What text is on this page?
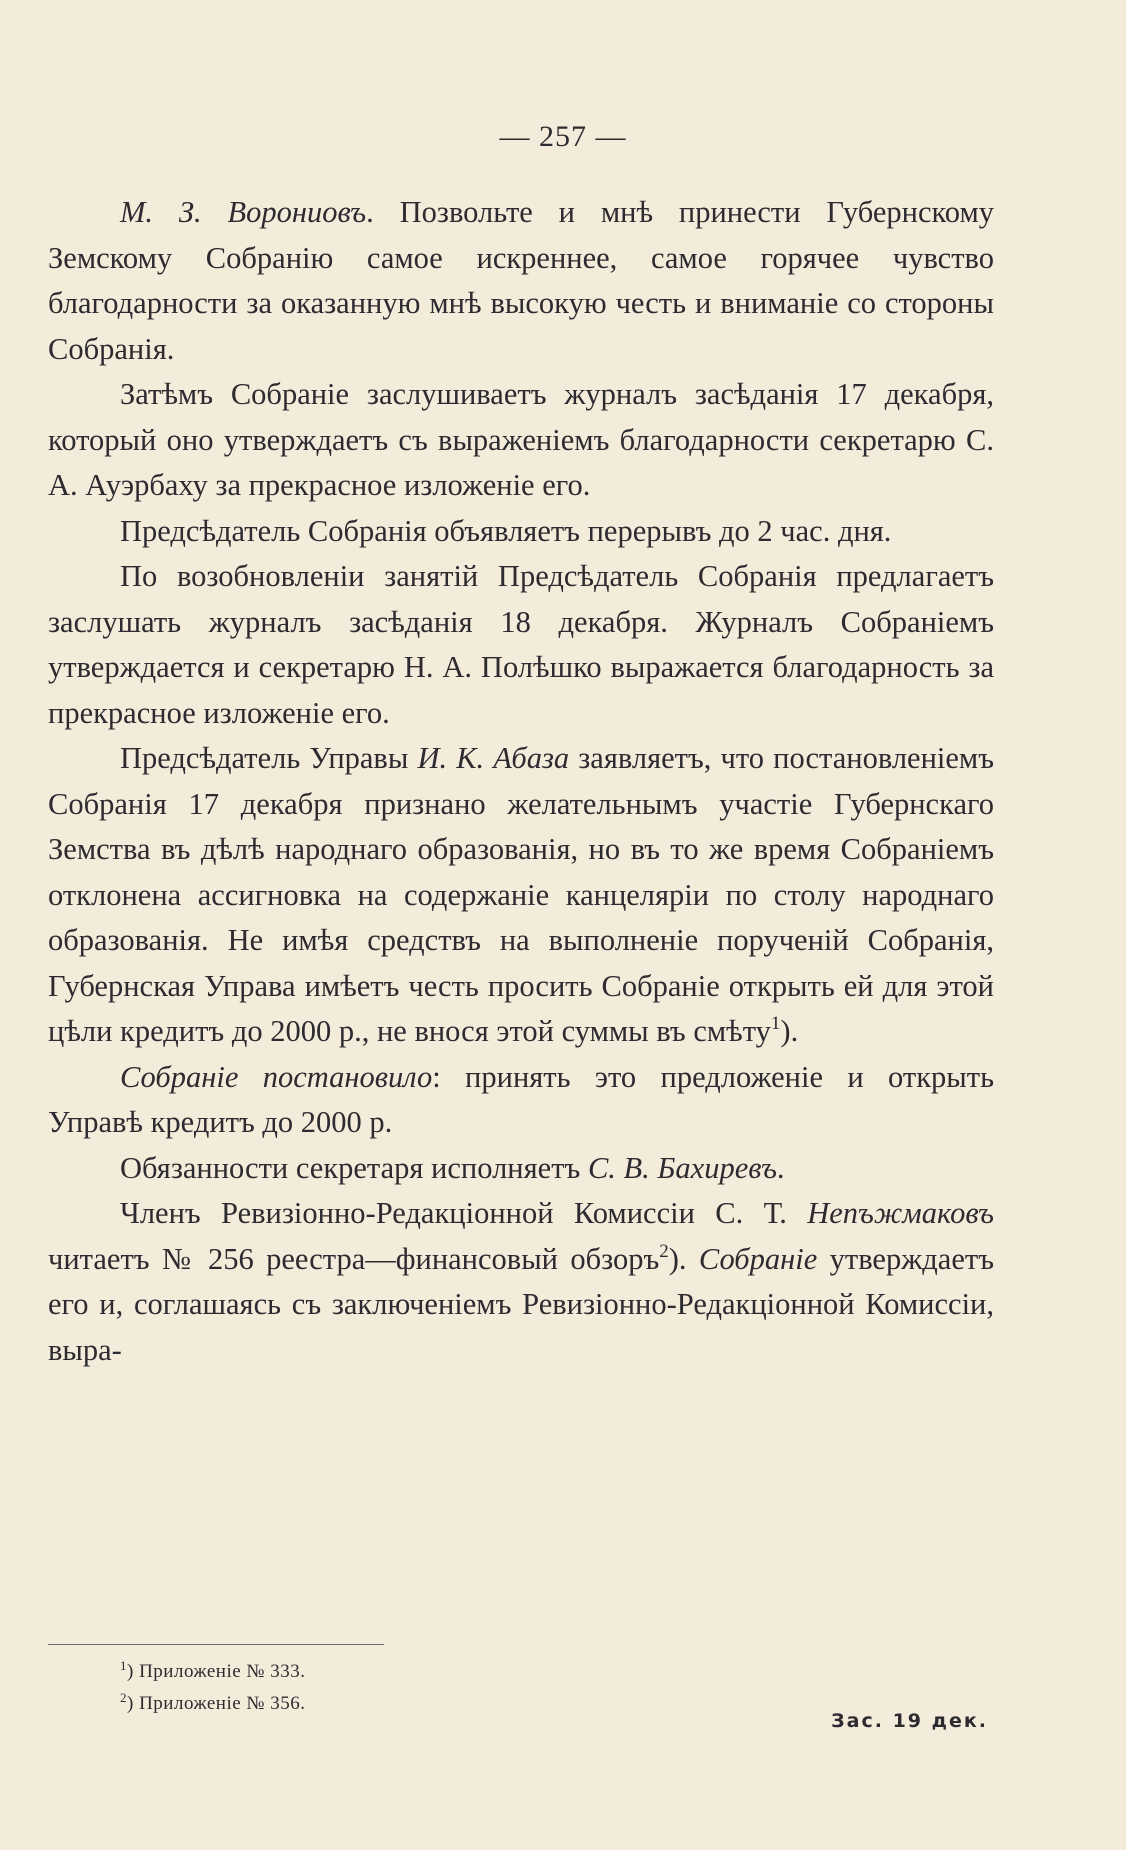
— 257 —

М. З. Ворониовъ. Позвольте и мнѣ принести Губернскому Земскому Собранію самое искреннее, самое горячее чувство благодарности за оказанную мнѣ высокую честь и вниманіе со стороны Собранія.

Затѣмъ Собраніе заслушиваетъ журналъ засѣданія 17 декабря, который оно утверждаетъ съ выраженіемъ благодарности секретарю С. А. Ауэрбаху за прекрасное изложеніе его.

Предсѣдатель Собранія объявляетъ перерывъ до 2 час. дня.

По возобновленіи занятій Предсѣдатель Собранія предлагаетъ заслушать журналъ засѣданія 18 декабря. Журналъ Собраніемъ утверждается и секретарю Н. А. Полѣшко выражается благодарность за прекрасное изложеніе его.

Предсѣдатель Управы И. К. Абаза заявляетъ, что постановленіемъ Собранія 17 декабря признано желательнымъ участіе Губернскаго Земства въ дѣлѣ народнаго образованія, но въ то же время Собраніемъ отклонена ассигновка на содержаніе канцеляріи по столу народнаго образованія. Не имѣя средствъ на выполненіе порученій Собранія, Губернская Управа имѣетъ честь просить Собраніе открыть ей для этой цѣли кредитъ до 2000 р., не внося этой суммы въ смѣту$^1$).

Собраніе постановило: принять это предложеніе и открыть Управѣ кредитъ до 2000 р.

Обязанности секретаря исполняетъ С. В. Бахиревъ.

Членъ Ревизіонно-Редакціонной Комиссіи С. Т. Непъжмаковъ читаетъ № 256 реестра—финансовый обзоръ$^2$). Собраніе утверждаетъ его и, соглашаясь съ заключеніемъ Ревизіонно-Редакціонной Комиссіи, выра-

$^1$) Приложеніе № 333.
$^2$) Приложеніе № 356.
Зас. 19 дек.
